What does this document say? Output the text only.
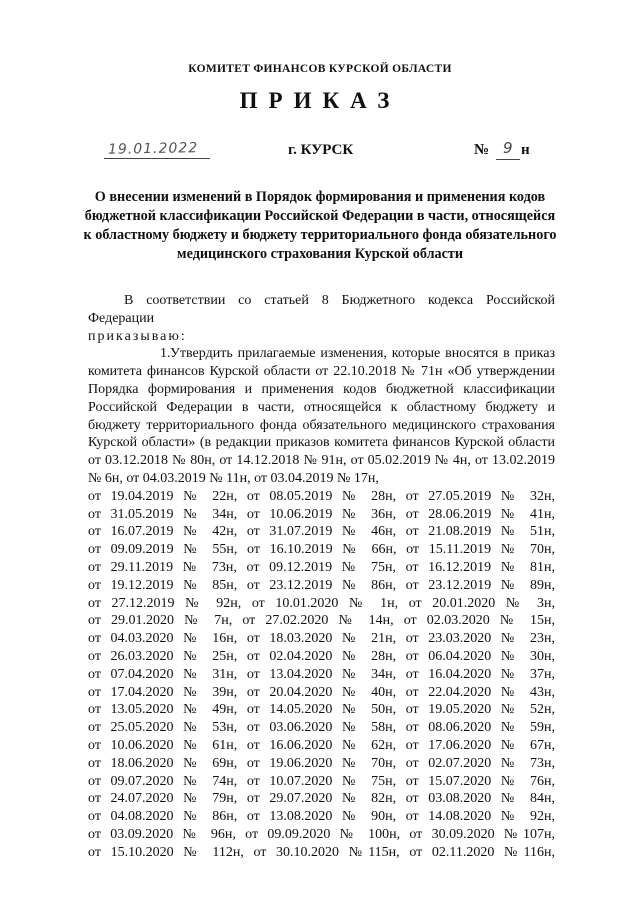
КОМИТЕТ ФИНАНСОВ КУРСКОЙ ОБЛАСТИ
ПРИКАЗ
19.01.2022	г. КУРСК	№ 9 н
О внесении изменений в Порядок формирования и применения кодов бюджетной классификации Российской Федерации в части, относящейся к областному бюджету и бюджету территориального фонда обязательного медицинского страхования Курской области
В соответствии со статьей 8 Бюджетного кодекса Российской Федерации
приказываю:
1.Утвердить прилагаемые изменения, которые вносятся в приказ комитета финансов Курской области от 22.10.2018 № 71н «Об утверждении Порядка формирования и применения кодов бюджетной классификации Российской Федерации в части, относящейся к областному бюджету и бюджету территориального фонда обязательного медицинского страхования Курской области» (в редакции приказов комитета финансов Курской области от 03.12.2018 № 80н, от 14.12.2018 № 91н, от 05.02.2019 № 4н, от 13.02.2019 № 6н, от 04.03.2019 № 11н, от 03.04.2019 № 17н,
от 19.04.2019 № 22н, от 08.05.2019 № 28н, от 27.05.2019 № 32н,
от 31.05.2019 № 34н, от 10.06.2019 № 36н, от 28.06.2019 № 41н,
от 16.07.2019 № 42н, от 31.07.2019 № 46н, от 21.08.2019 № 51н,
от 09.09.2019 № 55н, от 16.10.2019 № 66н, от 15.11.2019 № 70н,
от 29.11.2019 № 73н, от 09.12.2019 № 75н, от 16.12.2019 № 81н,
от 19.12.2019 № 85н, от 23.12.2019 № 86н, от 23.12.2019 № 89н,
от 27.12.2019 № 92н, от 10.01.2020 № 1н, от 20.01.2020 № 3н,
от 29.01.2020 № 7н, от 27.02.2020 № 14н, от 02.03.2020 № 15н,
от 04.03.2020 № 16н, от 18.03.2020 № 21н, от 23.03.2020 № 23н,
от 26.03.2020 № 25н, от 02.04.2020 № 28н, от 06.04.2020 № 30н,
от 07.04.2020 № 31н, от 13.04.2020 № 34н, от 16.04.2020 № 37н,
от 17.04.2020 № 39н, от 20.04.2020 № 40н, от 22.04.2020 № 43н,
от 13.05.2020 № 49н, от 14.05.2020 № 50н, от 19.05.2020 № 52н,
от 25.05.2020 № 53н, от 03.06.2020 № 58н, от 08.06.2020 № 59н,
от 10.06.2020 № 61н, от 16.06.2020 № 62н, от 17.06.2020 № 67н,
от 18.06.2020 № 69н, от 19.06.2020 № 70н, от 02.07.2020 № 73н,
от 09.07.2020 № 74н, от 10.07.2020 № 75н, от 15.07.2020 № 76н,
от 24.07.2020 № 79н, от 29.07.2020 № 82н, от 03.08.2020 № 84н,
от 04.08.2020 № 86н, от 13.08.2020 № 90н, от 14.08.2020 № 92н,
от 03.09.2020 № 96н, от 09.09.2020 № 100н, от 30.09.2020 №107н,
от 15.10.2020 № 112н, от 30.10.2020 №115н, от 02.11.2020 №116н,
